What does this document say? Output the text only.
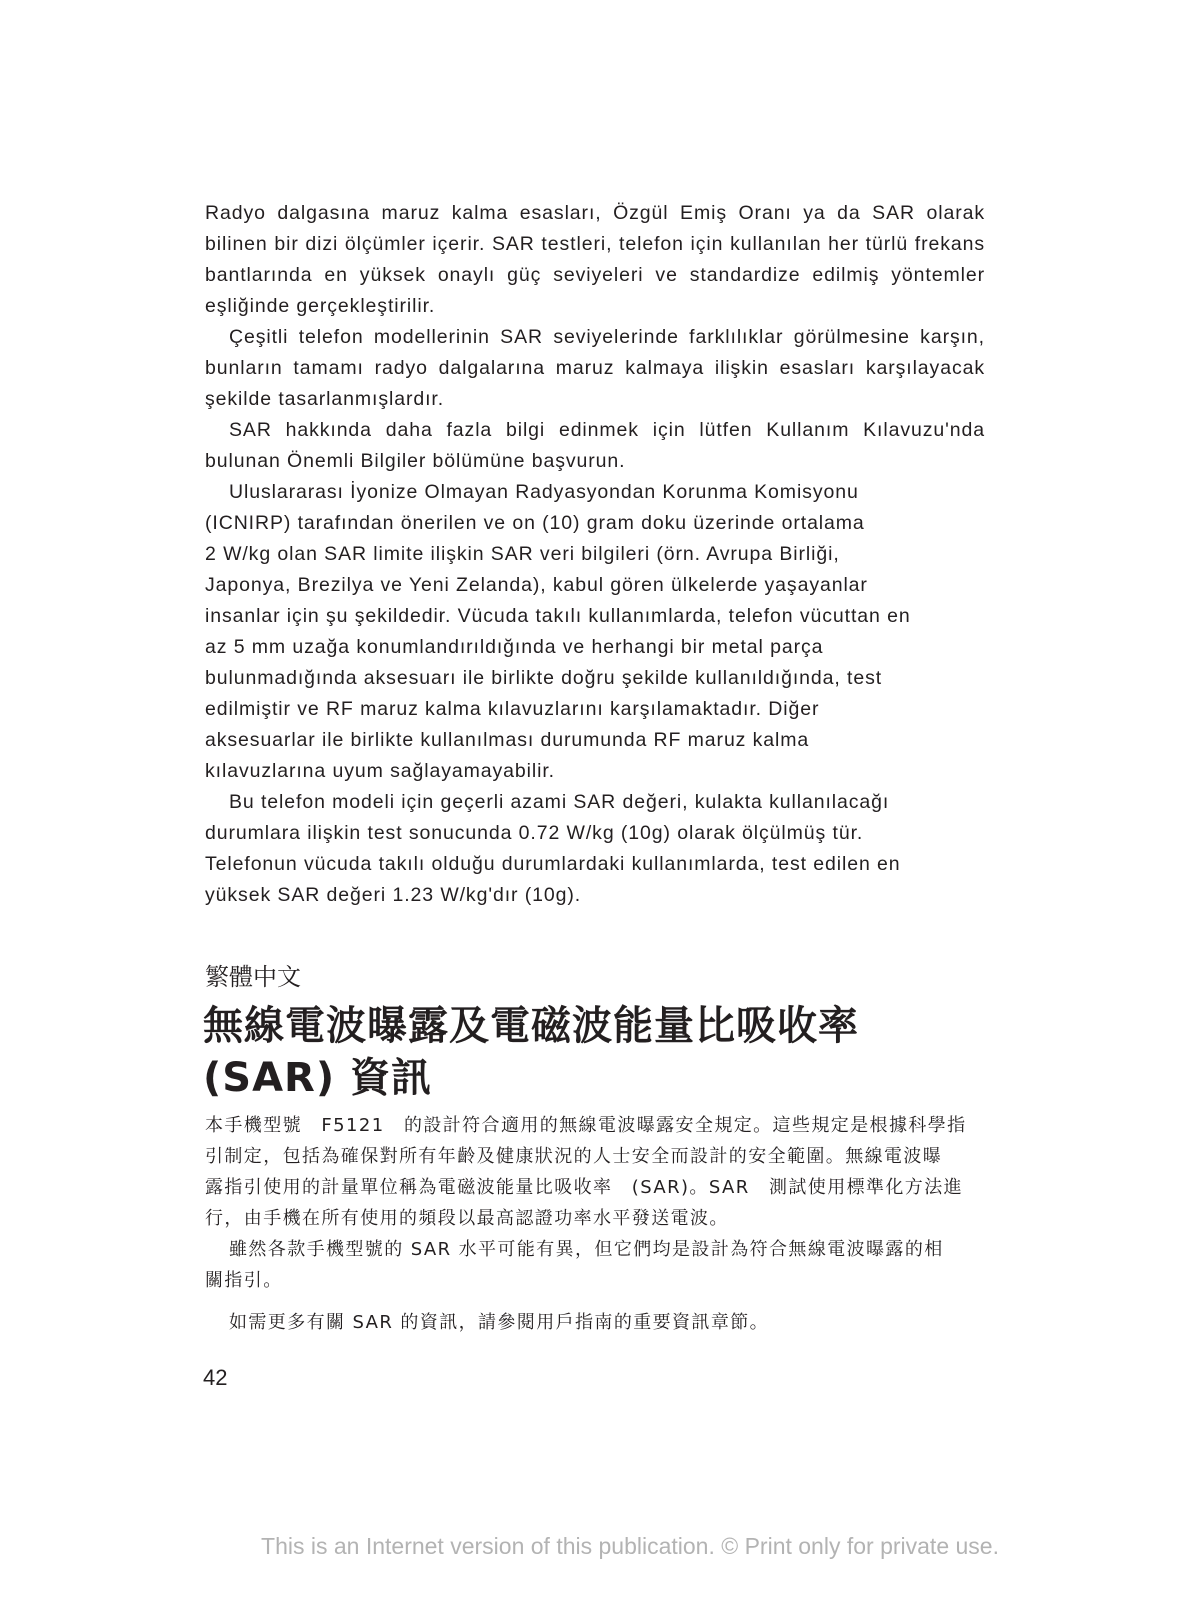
Radyo dalgasına maruz kalma esasları, Özgül Emiş Oranı ya da SAR olarak bilinen bir dizi ölçümler içerir. SAR testleri, telefon için kullanılan her türlü frekans bantlarında en yüksek onaylı güç seviyeleri ve standardize edilmiş yöntemler eşliğinde gerçekleştirilir.

Çeşitli telefon modellerinin SAR seviyelerinde farklılıklar görülmesine karşın, bunların tamamı radyo dalgalarına maruz kalmaya ilişkin esasları karşılayacak şekilde tasarlanmışlardır.

SAR hakkında daha fazla bilgi edinmek için lütfen Kullanım Kılavuzu'nda bulunan Önemli Bilgiler bölümüne başvurun.

Uluslararası İyonize Olmayan Radyasyondan Korunma Komisyonu
(ICNIRP) tarafından önerilen ve on (10) gram doku üzerinde ortalama
2 W/kg olan SAR limite ilişkin SAR veri bilgileri (örn. Avrupa Birliği,
Japonya, Brezilya ve Yeni Zelanda), kabul gören ülkelerde yaşayanlar
insanlar için şu şekildedir. Vücuda takılı kullanımlarda, telefon vücuttan en
az 5 mm uzağa konumlandırıldığında ve herhangi bir metal parça
bulunmadığında aksesuarı ile birlikte doğru şekilde kullanıldığında, test
edilmiştir ve RF maruz kalma kılavuzlarını karşılamaktadır. Diğer
aksesuarlar ile birlikte kullanılması durumunda RF maruz kalma
kılavuzlarına uyum sağlayamayabilir.

Bu telefon modeli için geçerli azami SAR değeri, kulakta kullanılacağı
durumlara ilişkin test sonucunda 0.72 W/kg (10g) olarak ölçülmüş tür.
Telefonun vücuda takılı olduğu durumlardaki kullanımlarda, test edilen en
yüksek SAR değeri 1.23 W/kg'dır (10g).

繁體中文

無線電波曝露及電磁波能量比吸收率
(SAR) 資訊

本手機型號　F5121　的設計符合適用的無線電波曝露安全規定。這些規定是根據科學指
引制定，包括為確保對所有年齡及健康狀況的人士安全而設計的安全範圍。無線電波曝
露指引使用的計量單位稱為電磁波能量比吸收率　(SAR)。SAR　測試使用標準化方法進
行，由手機在所有使用的頻段以最高認證功率水平發送電波。

雖然各款手機型號的 SAR 水平可能有異，但它們均是設計為符合無線電波曝露的相
關指引。

如需更多有關 SAR 的資訊，請參閱用戶指南的重要資訊章節。

42

This is an Internet version of this publication. © Print only for private use.
